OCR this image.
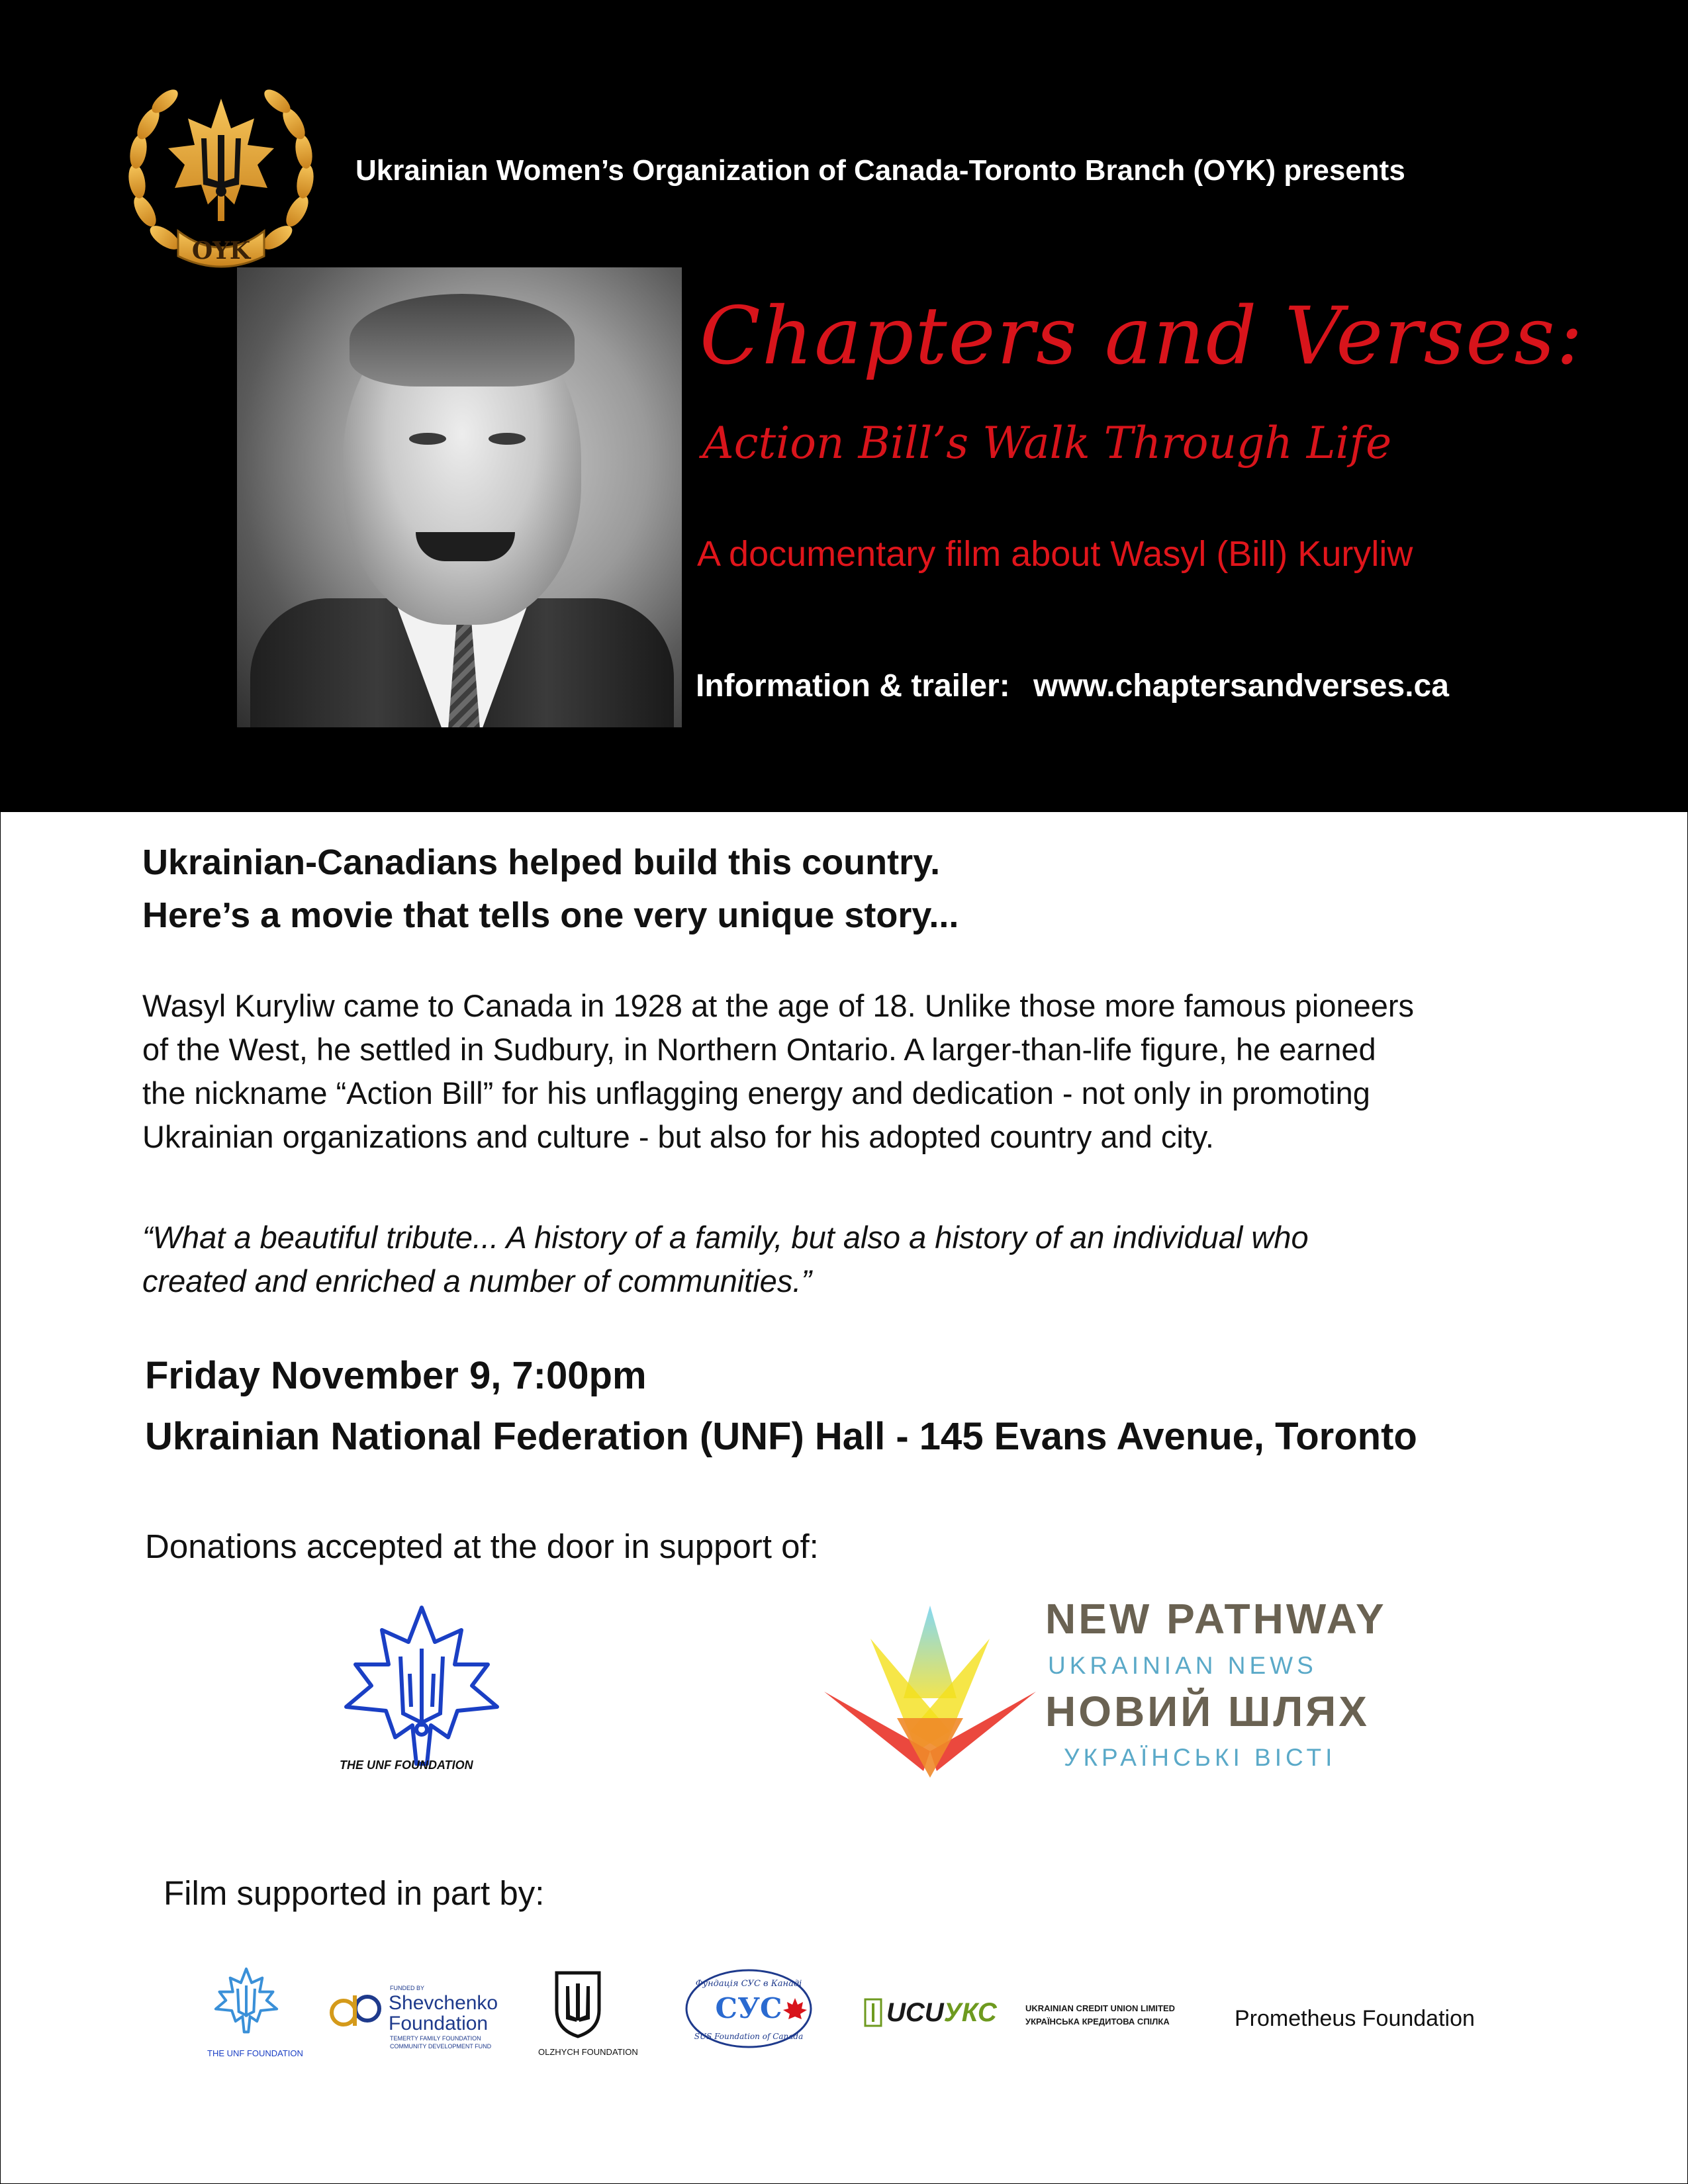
OYK
Ukrainian Women’s Organization of Canada-Toronto Branch (OYK) presents
Chapters and Verses:
Action Bill’s Walk Through Life
A documentary film about Wasyl (Bill) Kuryliw
Information & trailer: www.chaptersandverses.ca
Ukrainian-Canadians helped build this country.
Here’s a movie that tells one very unique story...
Wasyl Kuryliw came to Canada in 1928 at the age of 18. Unlike those more famous pioneers
of the West, he settled in Sudbury, in Northern Ontario. A larger-than-life figure, he earned
the nickname “Action Bill” for his unflagging energy and dedication - not only in promoting
Ukrainian organizations and culture - but also for his adopted country and city.
“What a beautiful tribute... A history of a family, but also a history of an individual who
created and enriched a number of communities.”
Friday November 9, 7:00pm
Ukrainian National Federation (UNF) Hall - 145 Evans Avenue, Toronto
Donations accepted at the door in support of:
THE UNF FOUNDATION
NEW PATHWAY
UKRAINIAN NEWS
НОВИЙ ШЛЯХ
УКРАЇНСЬКІ ВІСТІ
Film supported in part by:
THE UNF FOUNDATION
FUNDED BY
Shevchenko
Foundation
TEMERTY FAMILY FOUNDATION
COMMUNITY DEVELOPMENT FUND
OLZHYCH FOUNDATION
Фундація СУС в Канаді
СУС
SUS Foundation of Canada
UCUУКС	UKRAINIAN CREDIT UNION LIMITED
УКРАЇНСЬКА КРЕДИТОВА СПІЛКА	Prometheus Foundation
